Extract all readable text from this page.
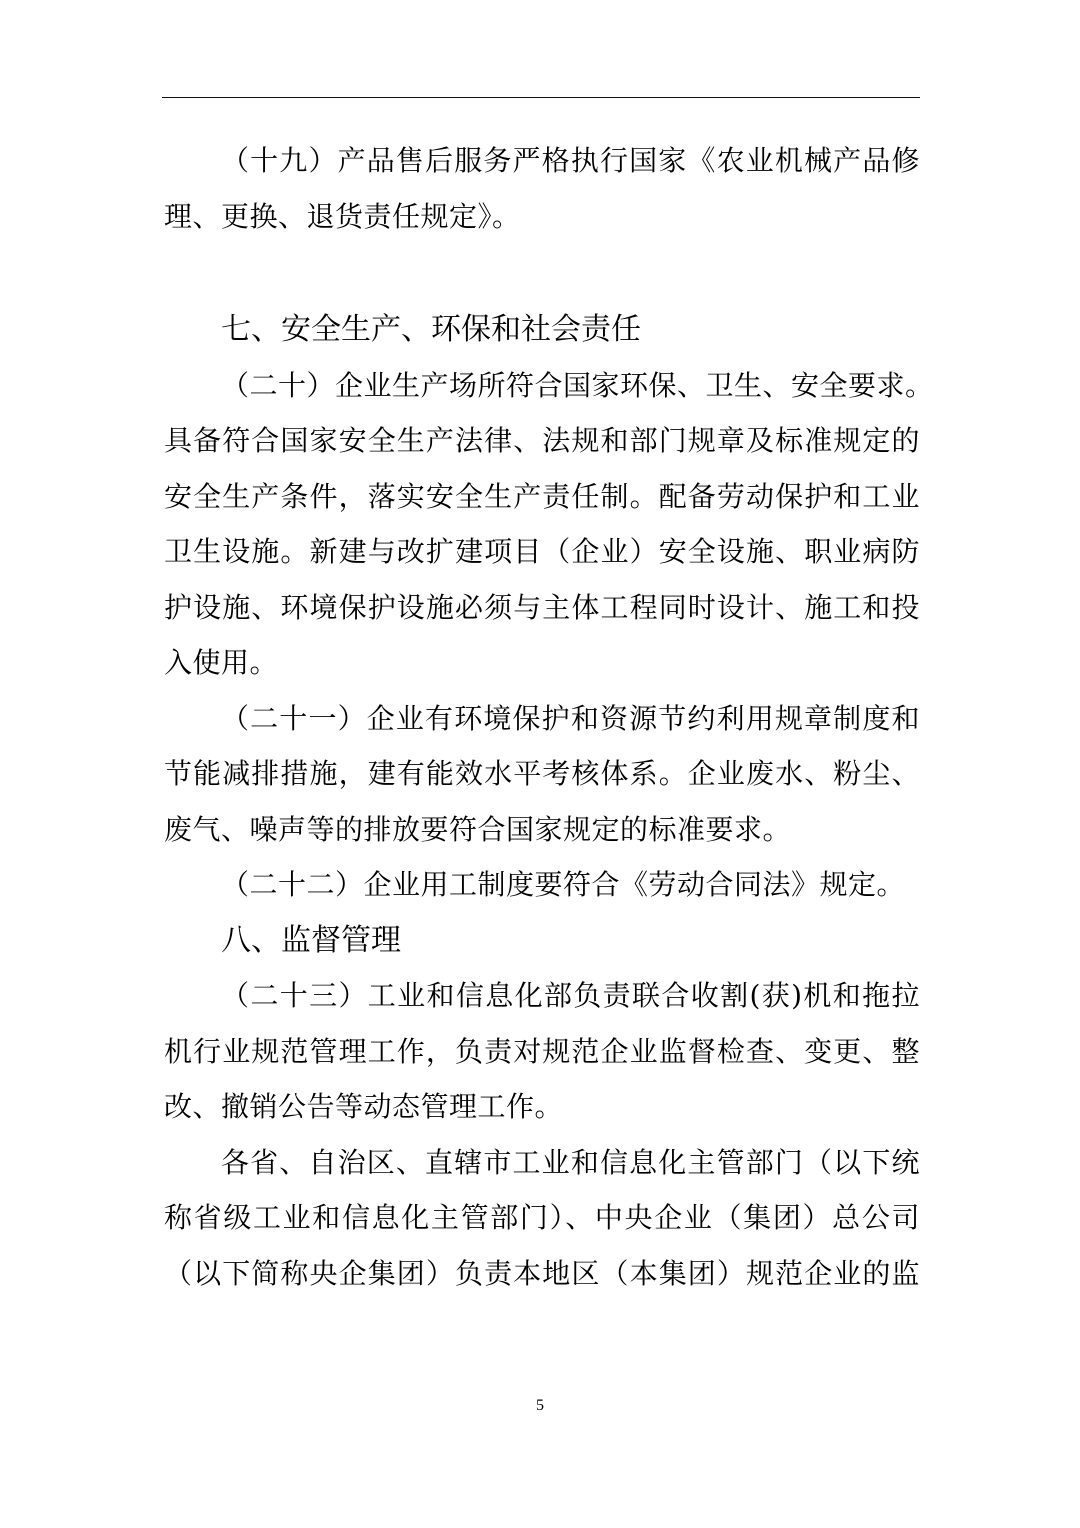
（十九）产品售后服务严格执行国家《农业机械产品修
理、更换、退货责任规定》。
七、安全生产、环保和社会责任
（二十）企业生产场所符合国家环保、卫生、安全要求。
具备符合国家安全生产法律、法规和部门规章及标准规定的
安全生产条件，落实安全生产责任制。配备劳动保护和工业
卫生设施。新建与改扩建项目（企业）安全设施、职业病防
护设施、环境保护设施必须与主体工程同时设计、施工和投
入使用。
（二十一）企业有环境保护和资源节约利用规章制度和
节能减排措施，建有能效水平考核体系。企业废水、粉尘、
废气、噪声等的排放要符合国家规定的标准要求。
（二十二）企业用工制度要符合《劳动合同法》规定。
八、监督管理
（二十三）工业和信息化部负责联合收割(获)机和拖拉
机行业规范管理工作，负责对规范企业监督检查、变更、整
改、撤销公告等动态管理工作。
各省、自治区、直辖市工业和信息化主管部门（以下统
称省级工业和信息化主管部门）、中央企业（集团）总公司
（以下简称央企集团）负责本地区（本集团）规范企业的监
5
